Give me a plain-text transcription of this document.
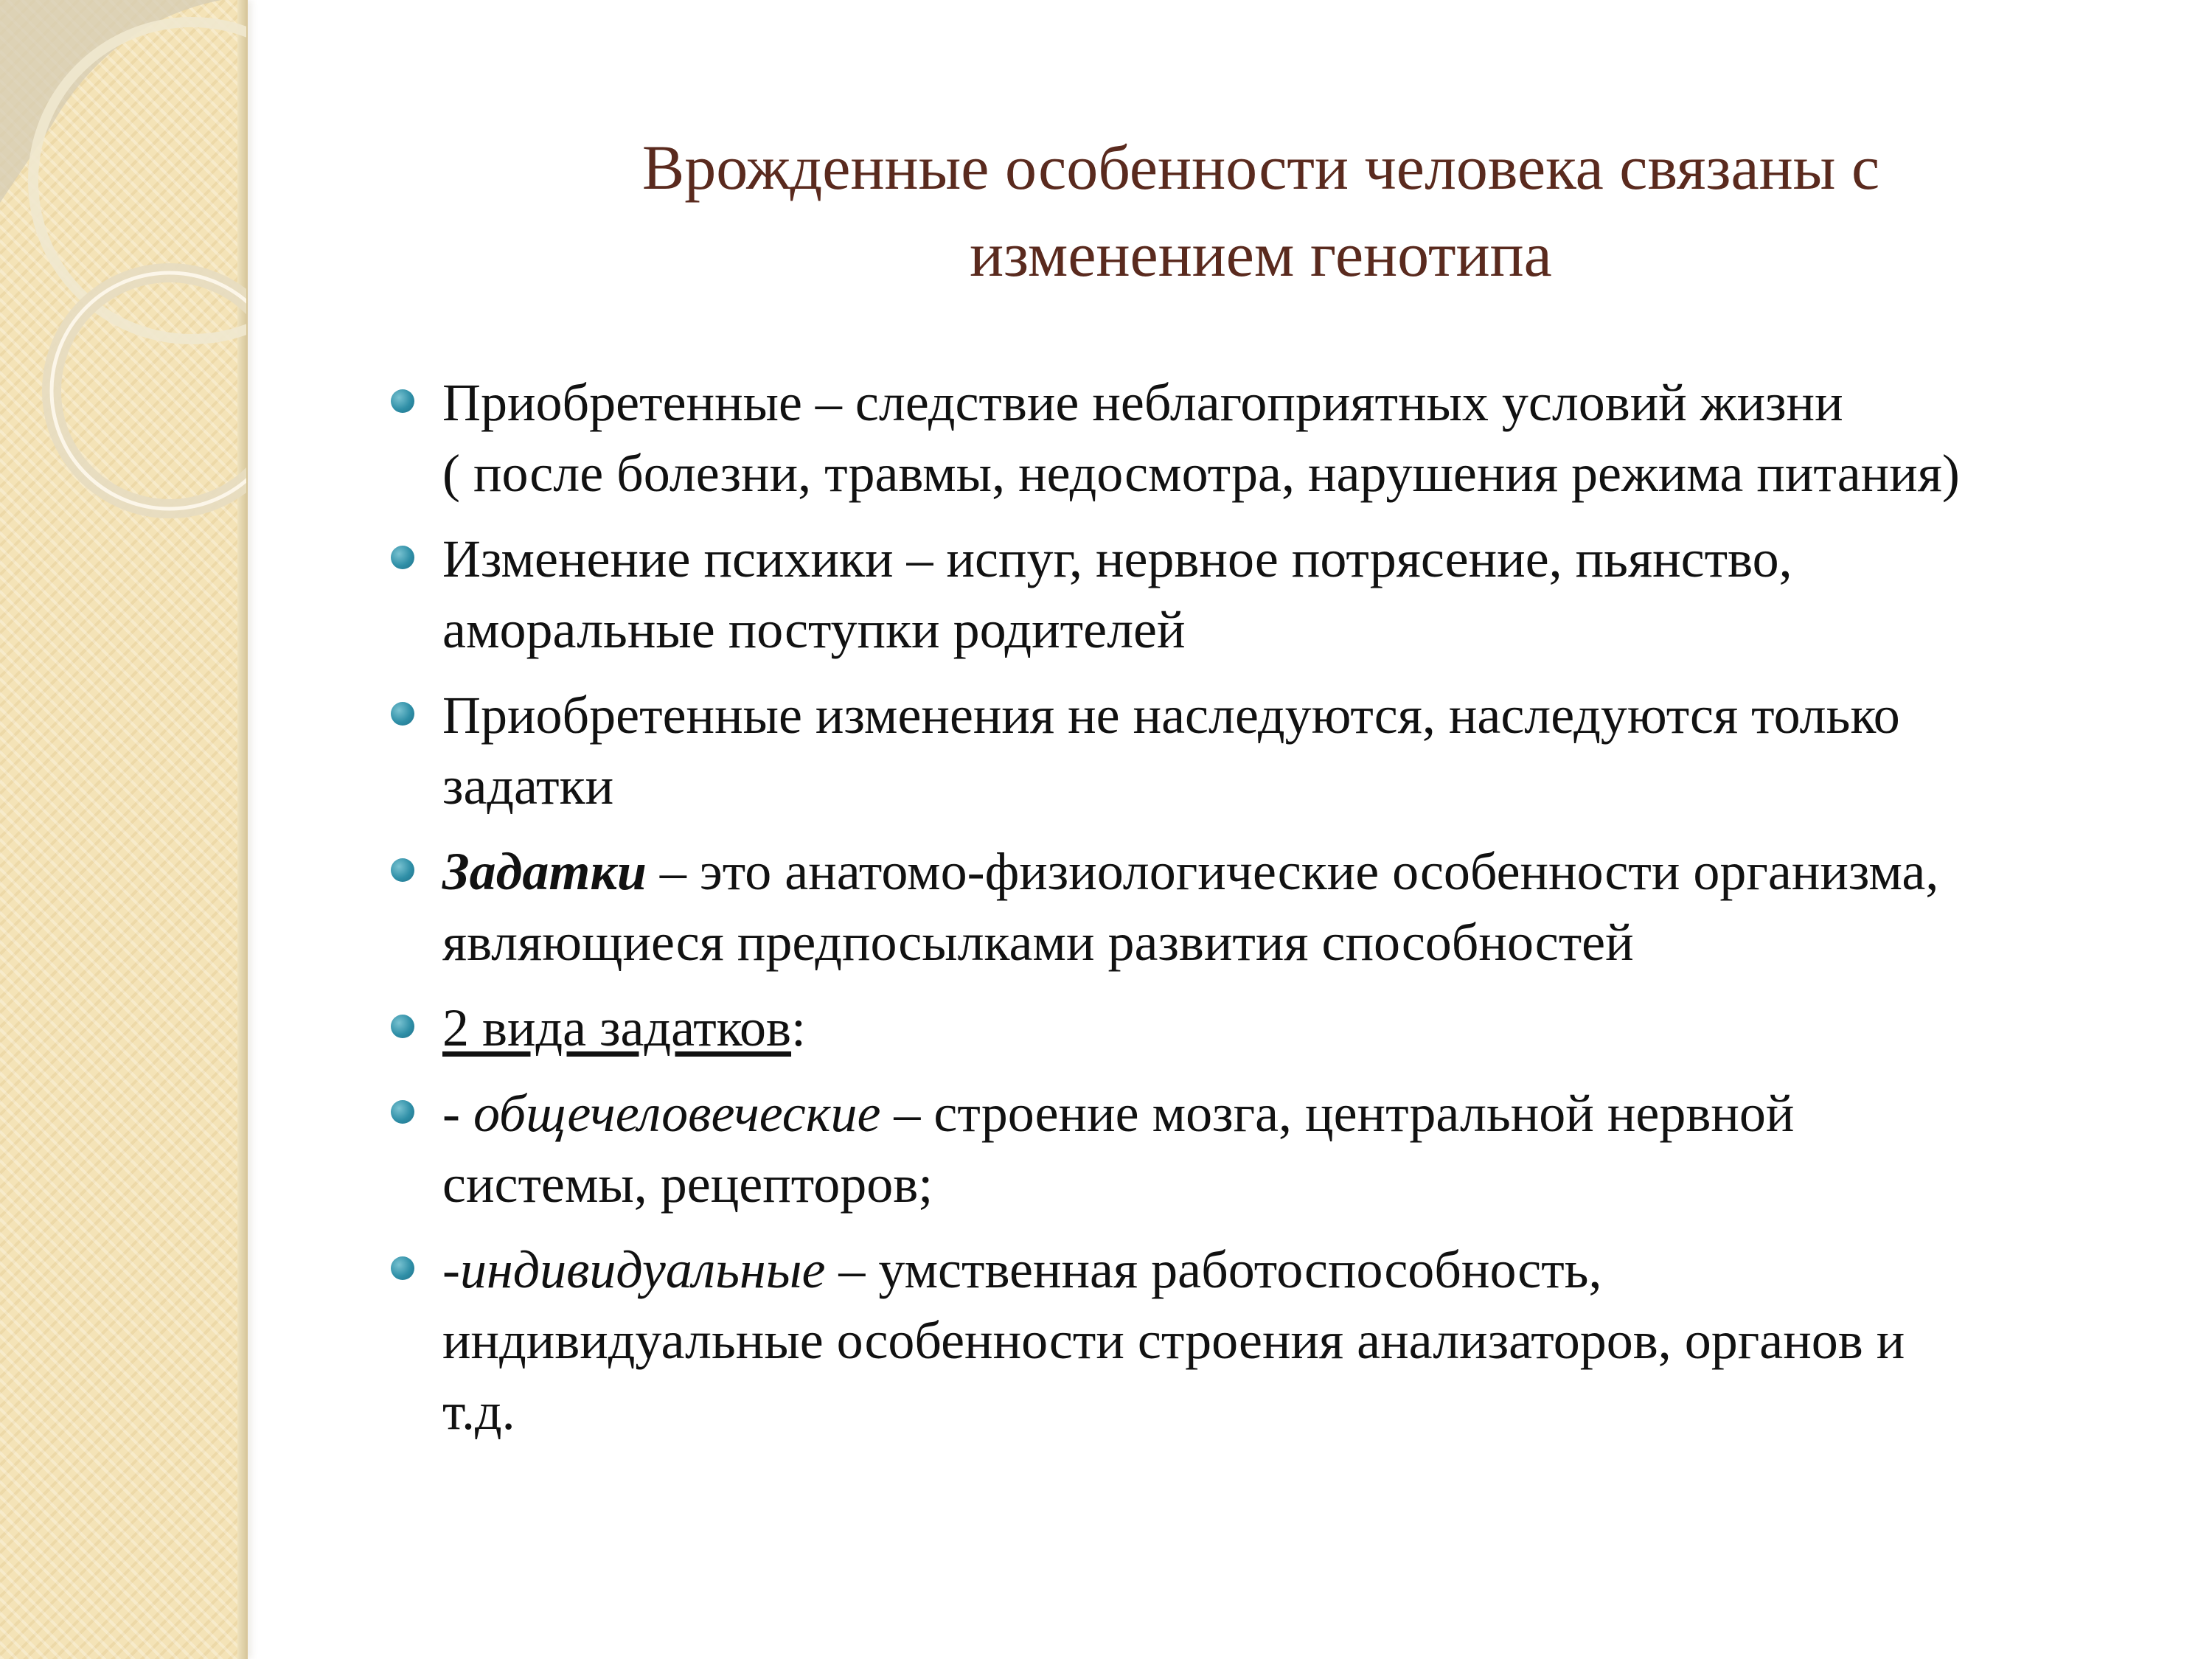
Врожденные особенности человека связаны с
изменением генотипа
Приобретенные – следствие неблагоприятных условий жизни
( после болезни, травмы, недосмотра, нарушения режима питания)
Изменение психики – испуг, нервное потрясение, пьянство,
аморальные поступки родителей
Приобретенные изменения не наследуются, наследуются только
задатки
Задатки – это анатомо-физиологические особенности организма,
являющиеся предпосылками развития способностей
2 вида задатков:
- общечеловеческие – строение мозга, центральной нервной
системы, рецепторов;
-индивидуальные – умственная работоспособность,
индивидуальные особенности строения анализаторов, органов и
т.д.
